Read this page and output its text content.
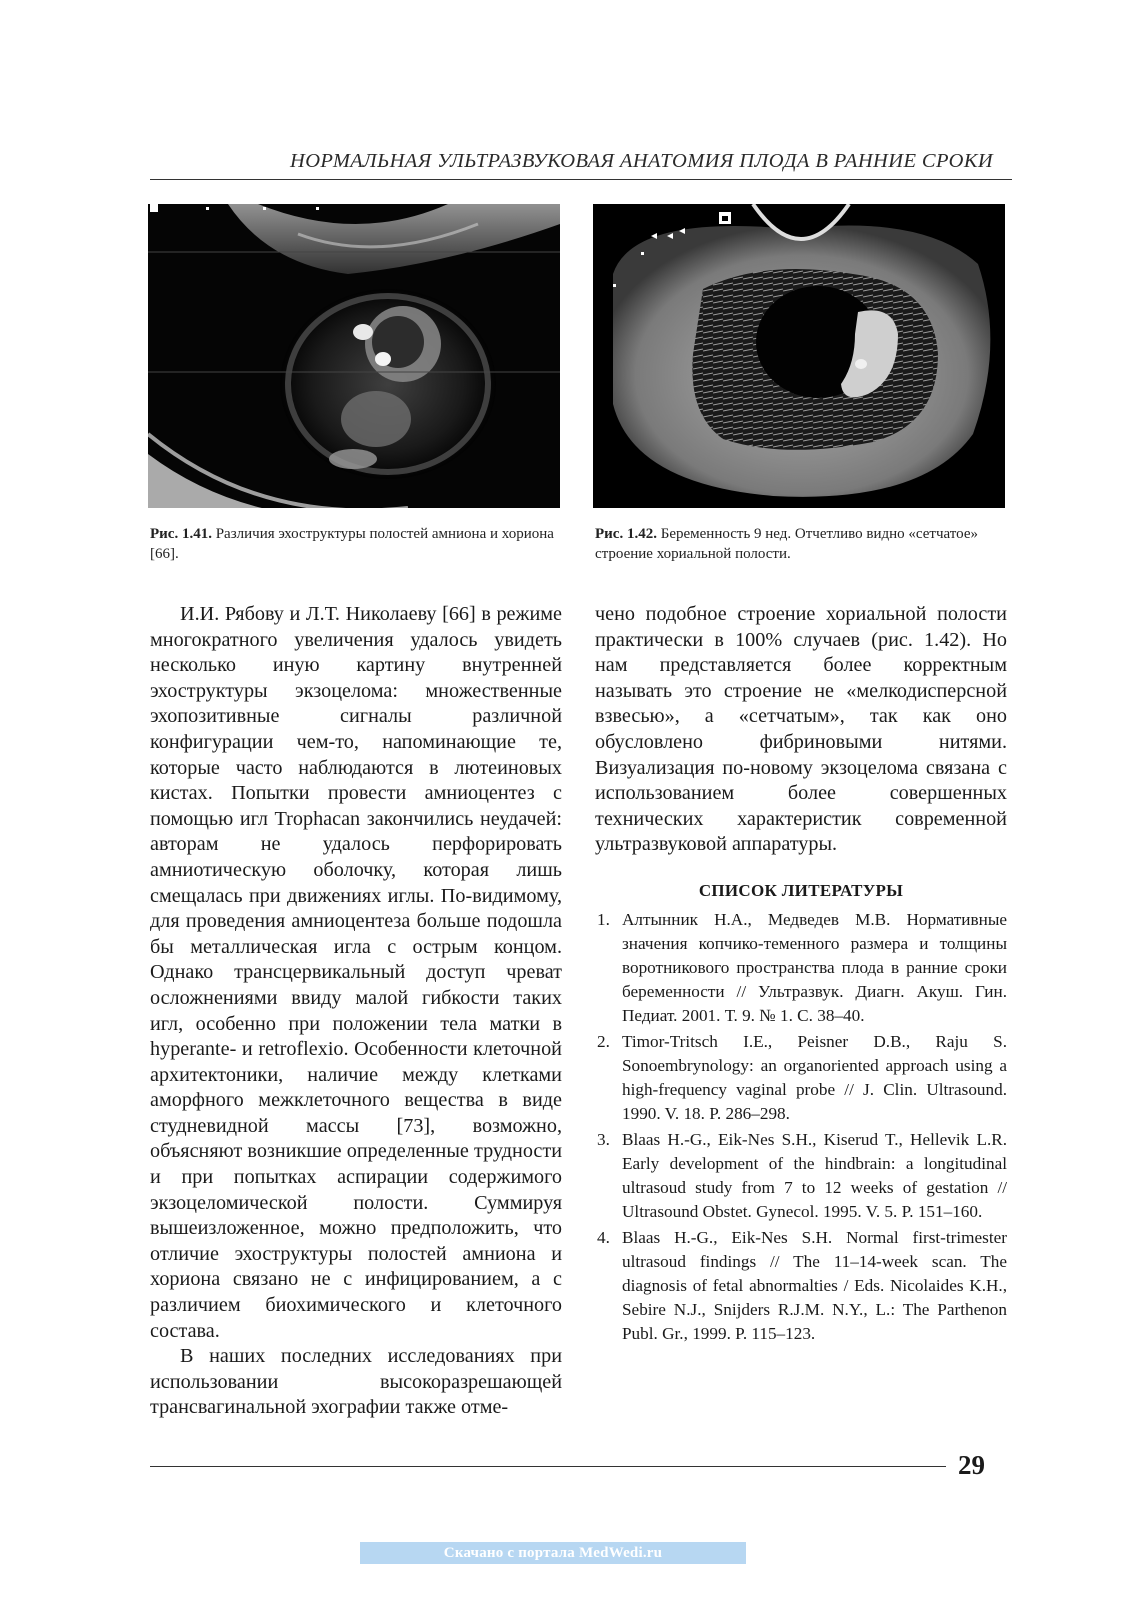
НОРМАЛЬНАЯ УЛЬТРАЗВУКОВАЯ АНАТОМИЯ ПЛОДА В РАННИЕ СРОКИ
Рис. 1.41. Различия эхоструктуры полостей амниона и хориона [66].
Рис. 1.42. Беременность 9 нед. Отчетливо видно «сетчатое» строение хориальной полости.

И.И. Рябову и Л.Т. Николаеву [66] в режиме многократного увеличения удалось увидеть несколько иную картину внутренней эхоструктуры экзоцелома: множественные эхопозитивные сигналы различной конфигурации чем-то, напоминающие те, которые часто наблюдаются в лютеиновых кистах. Попытки провести амниоцентез с помощью игл Trophacan закончились неудачей: авторам не удалось перфорировать амниотическую оболочку, которая лишь смещалась при движениях иглы. По-видимому, для проведения амниоцентеза больше подошла бы металлическая игла с острым концом. Однако трансцервикальный доступ чреват осложнениями ввиду малой гибкости таких игл, особенно при положении тела матки в hyperante- и retroflexio. Особенности клеточной архитектоники, наличие между клетками аморфного межклеточного вещества в виде студневидной массы [73], возможно, объясняют возникшие определенные трудности и при попытках аспирации содержимого экзоцеломической полости. Суммируя вышеизложенное, можно предположить, что отличие эхоструктуры полостей амниона и хориона связано не с инфицированием, а с различием биохимического и клеточного состава.

В наших последних исследованиях при использовании высокоразрешающей трансвагинальной эхографии также отме-

чено подобное строение хориальной полости практически в 100% случаев (рис. 1.42). Но нам представляется более корректным называть это строение не «мелкодисперсной взвесью», а «сетчатым», так как оно обусловлено фибриновыми нитями. Визуализация по-новому экзоцелома связана с использованием более совершенных технических характеристик современной ультразвуковой аппаратуры.

СПИСОК ЛИТЕРАТУРЫ
1. Алтынник Н.А., Медведев М.В. Нормативные значения копчико-теменного размера и толщины воротникового пространства плода в ранние сроки беременности // Ультразвук. Диагн. Акуш. Гин. Педиат. 2001. Т. 9. № 1. С. 38–40.
2. Timor-Tritsch I.E., Peisner D.B., Raju S. Sonoembrynology: an organoriented approach using a high-frequency vaginal probe // J. Clin. Ultrasound. 1990. V. 18. P. 286–298.
3. Blaas H.-G., Eik-Nes S.H., Kiserud T., Hellevik L.R. Early development of the hindbrain: a longitudinal ultrasoud study from 7 to 12 weeks of gestation // Ultrasound Obstet. Gynecol. 1995. V. 5. P. 151–160.
4. Blaas H.-G., Eik-Nes S.H. Normal first-trimester ultrasoud findings // The 11–14-week scan. The diagnosis of fetal abnormalties / Eds. Nicolaides K.H., Sebire N.J., Snijders R.J.M. N.Y., L.: The Parthenon Publ. Gr., 1999. P. 115–123.
29
Скачано с портала MedWedi.ru
